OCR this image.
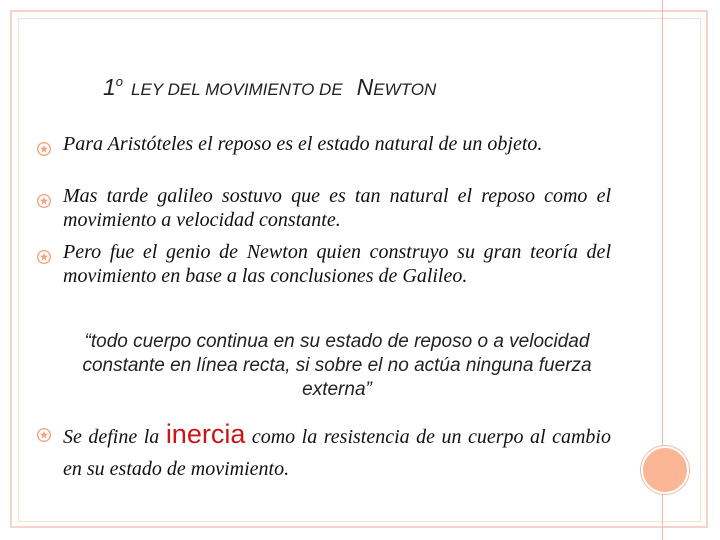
1$^o$ LEY DEL MOVIMIENTO DE NEWTON
Para Aristóteles el reposo es el estado natural de un objeto.
Mas tarde galileo sostuvo que es tan natural el reposo como el movimiento a velocidad constante.
Pero fue el genio de Newton quien construyo su gran teoría del movimiento en base a las conclusiones de Galileo.
“todo cuerpo continua en su estado de reposo o a velocidad constante en línea recta, si sobre el no actúa ninguna fuerza externa”
Se define la inercia como la resistencia de un cuerpo al cambio en su estado de movimiento.
